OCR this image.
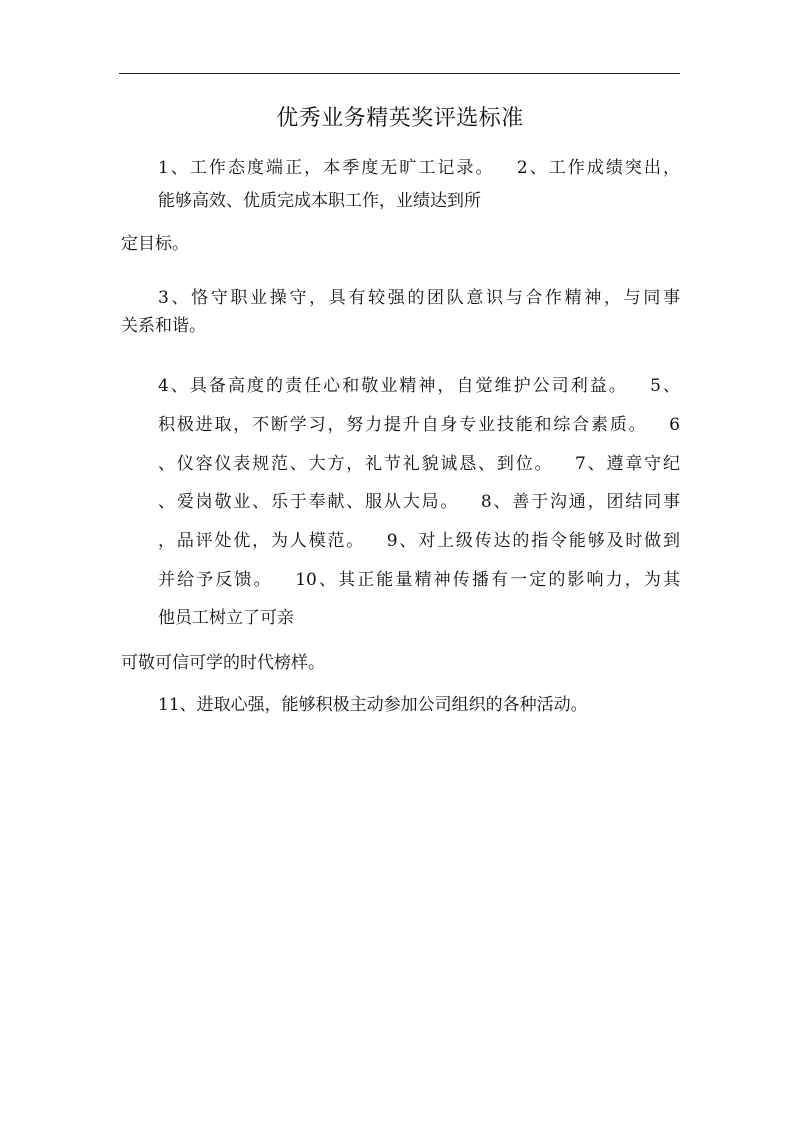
优秀业务精英奖评选标准
1、工作态度端正，本季度无旷工记录。   2、工作成绩突出，
能够高效、优质完成本职工作，业绩达到所
定目标。
3、恪守职业操守，具有较强的团队意识与合作精神，与同事
关系和谐。
4、具备高度的责任心和敬业精神，自觉维护公司利益。   5、
积极进取，不断学习，努力提升自身专业技能和综合素质。   6
、仪容仪表规范、大方，礼节礼貌诚恳、到位。   7、遵章守纪
、爱岗敬业、乐于奉献、服从大局。   8、善于沟通，团结同事
，品评处优，为人模范。   9、对上级传达的指令能够及时做到
并给予反馈。   10、其正能量精神传播有一定的影响力，为其
他员工树立了可亲
可敬可信可学的时代榜样。
11、进取心强，能够积极主动参加公司组织的各种活动。
